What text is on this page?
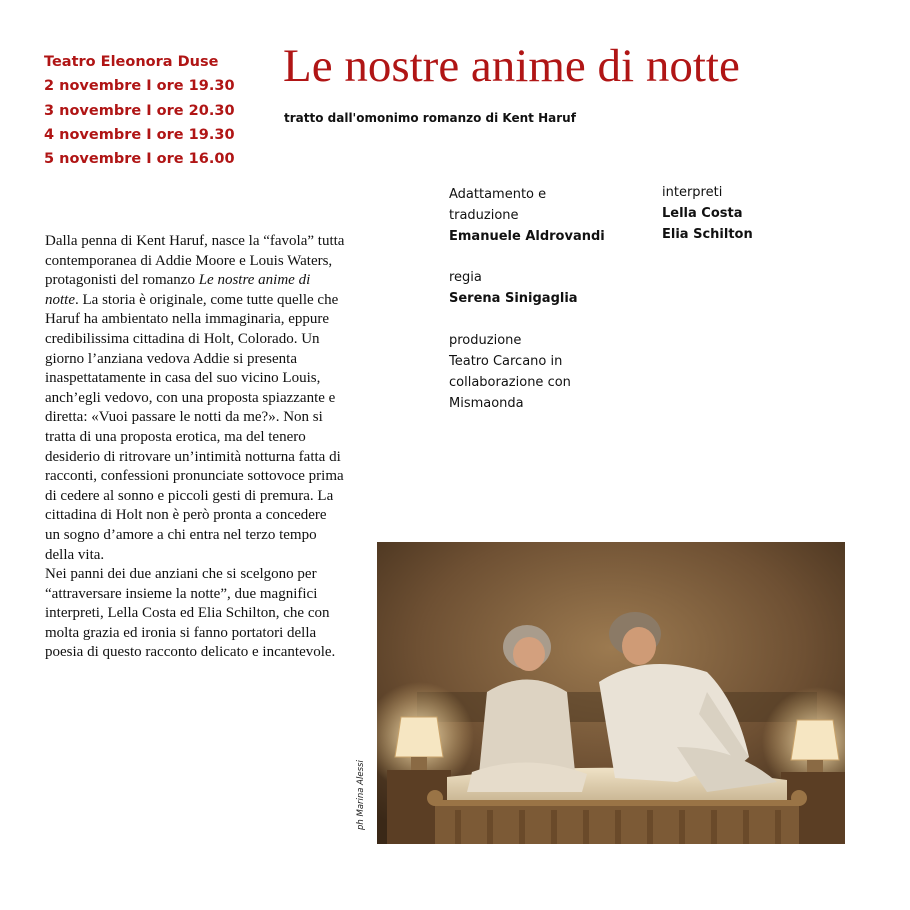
Teatro Eleonora Duse
2 novembre I ore 19.30
3 novembre I ore 20.30
4 novembre I ore 19.30
5 novembre I ore 16.00
Le nostre anime di notte
tratto dall'omonimo romanzo di Kent Haruf
Adattamento e
traduzione
Emanuele Aldrovandi
regia
Serena Sinigaglia
produzione
Teatro Carcano in
collaborazione con
Mismaonda
interpreti
Lella Costa
Elia Schilton

Dalla penna di Kent Haruf, nasce la “favola” tutta contemporanea di Addie Moore e Louis Waters, protagonisti del romanzo Le nostre anime di notte. La storia è originale, come tutte quelle che Haruf ha ambientato nella immaginaria, eppure credibilissima cittadina di Holt, Colorado. Un giorno l’anziana vedova Addie si presenta inaspettatamente in casa del suo vicino Louis, anch’egli vedovo, con una proposta spiazzante e diretta: «Vuoi passare le notti da me?». Non si tratta di una proposta erotica, ma del tenero desiderio di ritrovare un’intimità notturna fatta di racconti, confessioni pronunciate sottovoce prima di cedere al sonno e piccoli gesti di premura. La cittadina di Holt non è però pronta a concedere un sogno d’amore a chi entra nel terzo tempo della vita.

Nei panni dei due anziani che si scelgono per “attraversare insieme la notte”, due magnifici interpreti, Lella Costa ed Elia Schilton, che con molta grazia ed ironia si fanno portatori della poesia di questo racconto delicato e incantevole.

ph Marina Alessi
